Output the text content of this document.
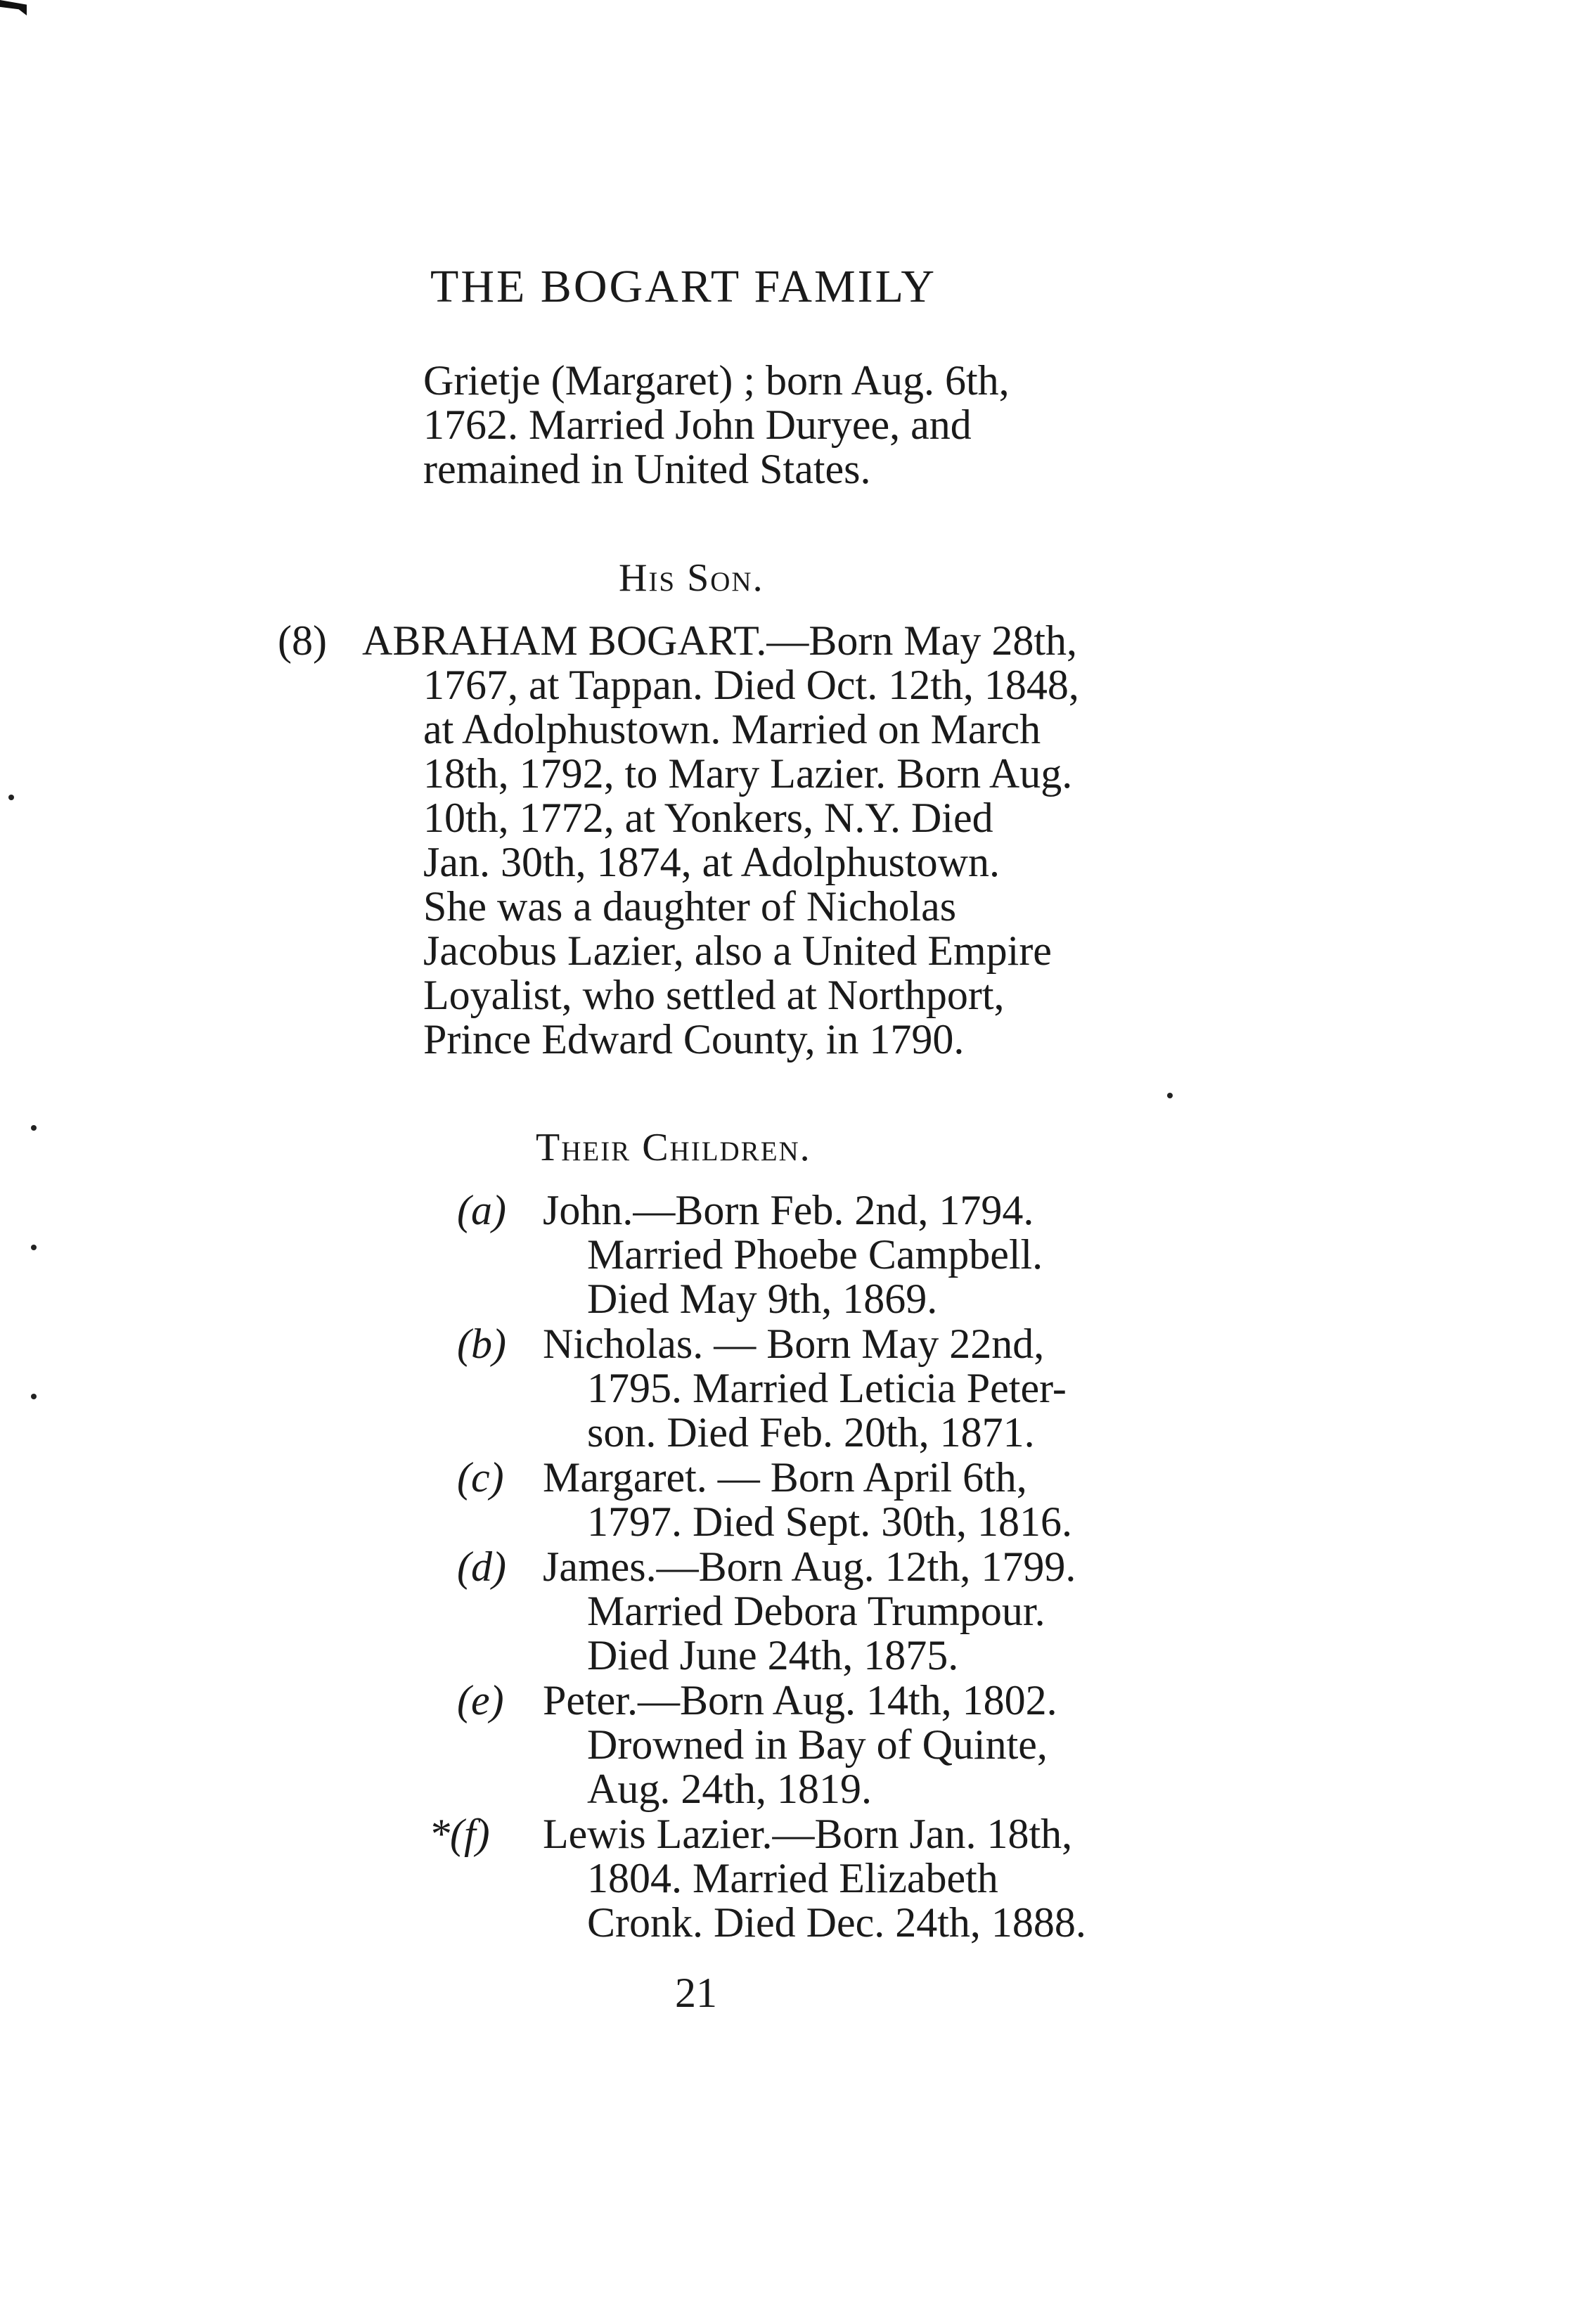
THE BOGART FAMILY

Grietje (Margaret) ; born Aug. 6th,

1762. Married John Duryee, and

remained in United States.

His Son.

(8) ABRAHAM BOGART.—Born May 28th,

1767, at Tappan. Died Oct. 12th, 1848,

at Adolphustown. Married on March

18th, 1792, to Mary Lazier. Born Aug.

10th, 1772, at Yonkers, N.Y. Died

Jan. 30th, 1874, at Adolphustown.

She was a daughter of Nicholas

Jacobus Lazier, also a United Empire

Loyalist, who settled at Northport,

Prince Edward County, in 1790.

Their Children.

(a) John.—Born Feb. 2nd, 1794.

Married Phoebe Campbell.

Died May 9th, 1869.

(b) Nicholas. — Born May 22nd,

1795. Married Leticia Peter-

son. Died Feb. 20th, 1871.

(c) Margaret. — Born April 6th,

1797. Died Sept. 30th, 1816.

(d) James.—Born Aug. 12th, 1799.

Married Debora Trumpour.

Died June 24th, 1875.

(e) Peter.—Born Aug. 14th, 1802.

Drowned in Bay of Quinte,

Aug. 24th, 1819.

*(f) Lewis Lazier.—Born Jan. 18th,

1804. Married Elizabeth

Cronk. Died Dec. 24th, 1888.

21
